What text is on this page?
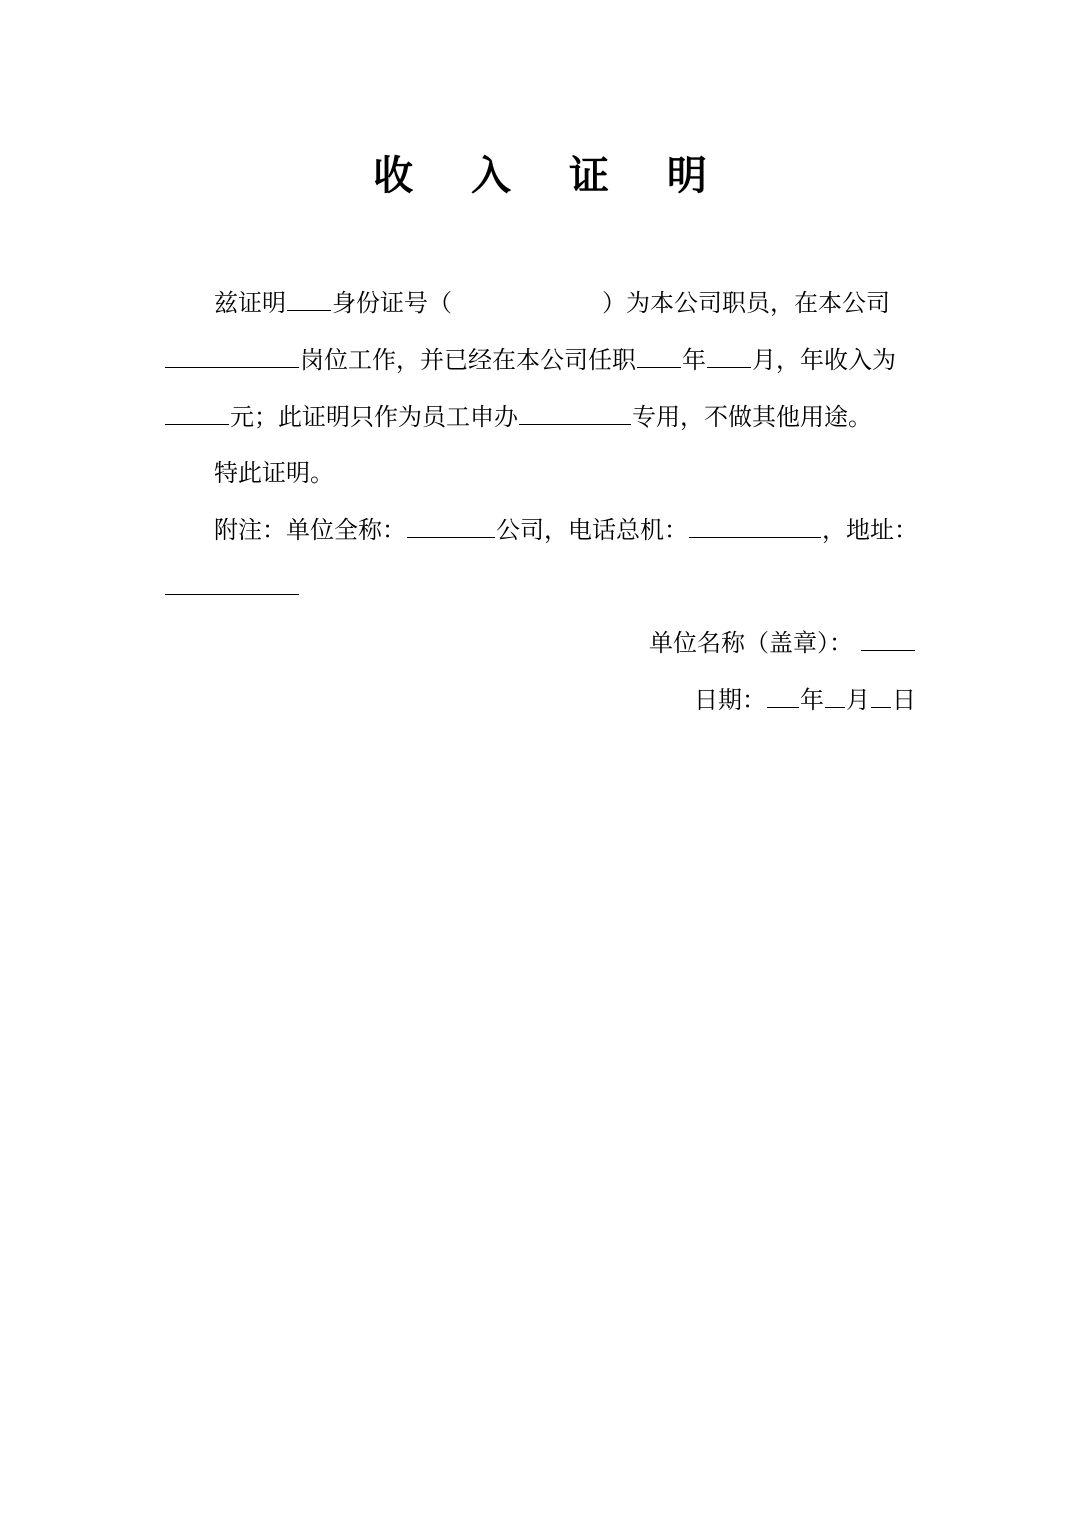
收 入 证 明
兹证明 身份证号（	）为本公司职员，在本公司
岗位工作，并已经在本公司任职 年 月，年收入为
元；此证明只作为员工申办	专用，不做其他用途。
特此证明。
附注：单位全称：	公司，电话总机：	，地址：
单位名称（盖章）：
日期： 年 月 日
